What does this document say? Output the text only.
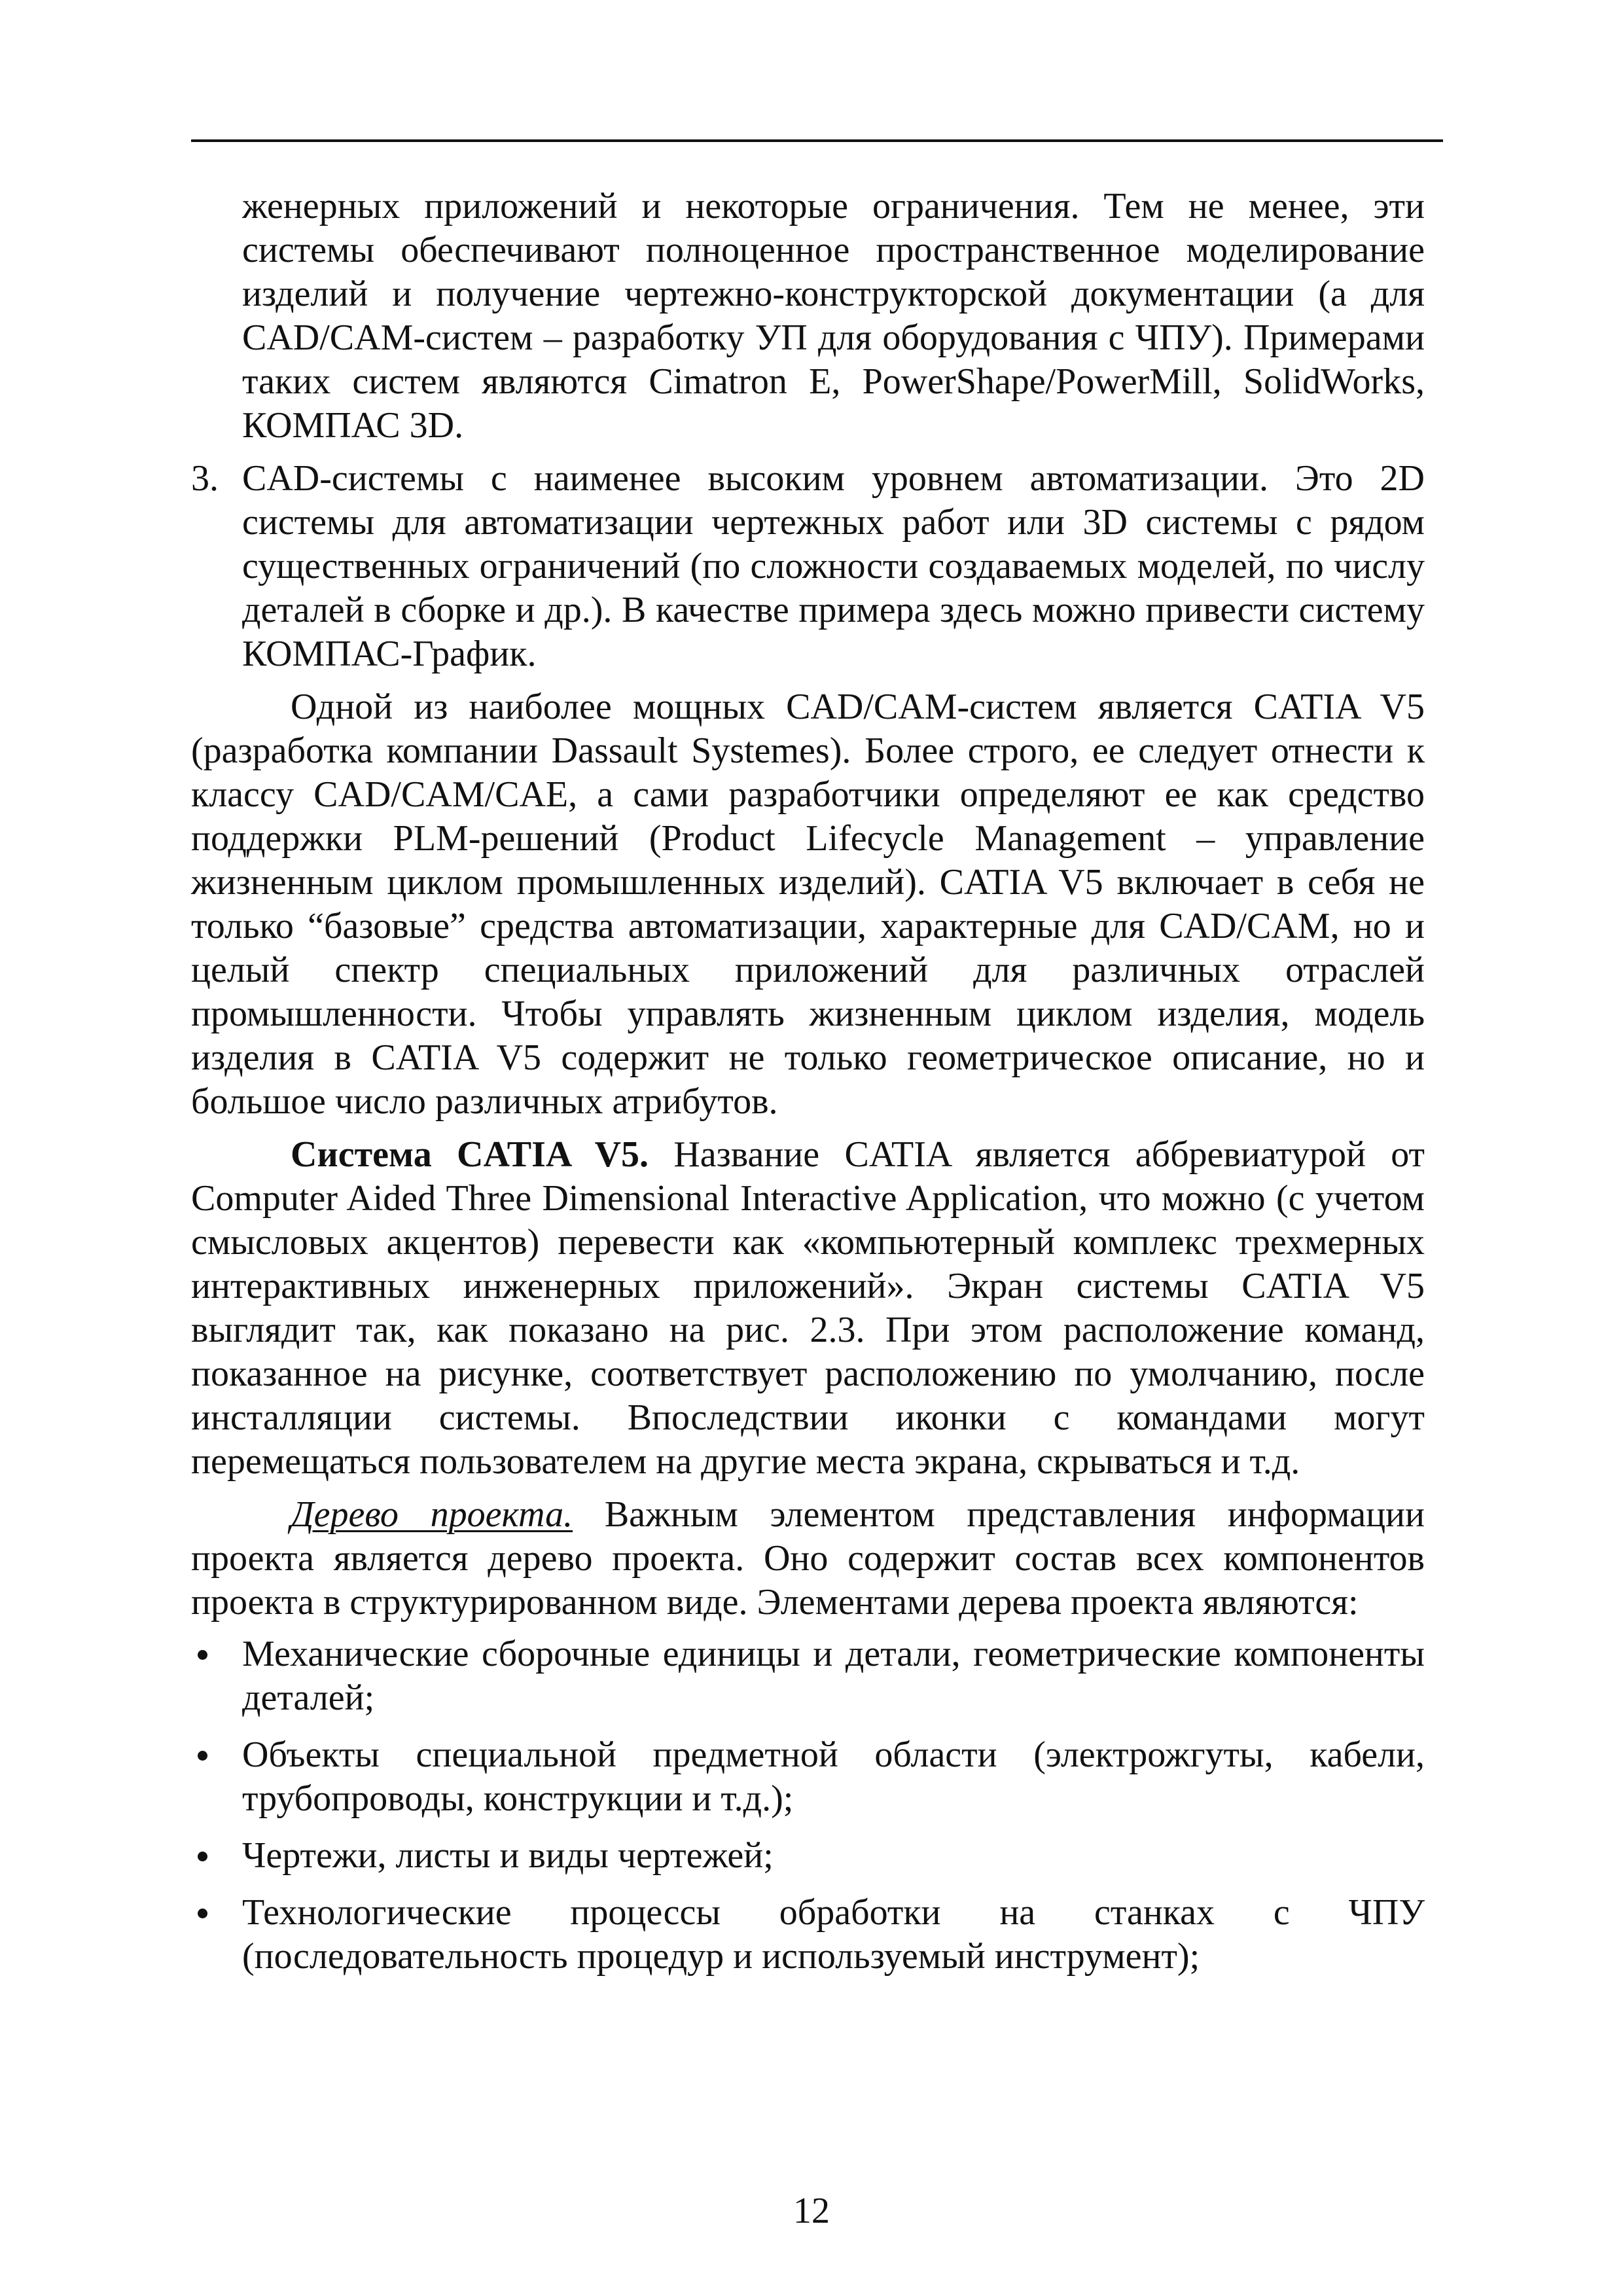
женерных приложений и некоторые ограничения. Тем не менее, эти системы обеспечивают полноценное пространственное моделирование изделий и получение чертежно-конструкторской документации (а для CAD/CAM-систем – разработку УП для оборудования с ЧПУ). Примерами таких систем являются Cimatron E, PowerShape/PowerMill, SolidWorks, КОМПАС 3D.

3. CAD-системы с наименее высоким уровнем автоматизации. Это 2D системы для автоматизации чертежных работ или 3D системы с рядом существенных ограничений (по сложности создаваемых моделей, по числу деталей в сборке и др.). В качестве примера здесь можно привести систему КОМПАС-График.

Одной из наиболее мощных CAD/CAM-систем является CATIA V5 (разработка компании Dassault Systemes). Более строго, ее следует отнести к классу CAD/CAM/CAE, а сами разработчики определяют ее как средство поддержки PLM-решений (Product Lifecycle Management – управление жизненным циклом промышленных изделий). CATIA V5 включает в себя не только “базовые” средства автоматизации, характерные для CAD/CAM, но и целый спектр специальных приложений для различных отраслей промышленности. Чтобы управлять жизненным циклом изделия, модель изделия в CATIA V5 содержит не только геометрическое описание, но и большое число различных атрибутов.

Система CATIA V5. Название CATIA является аббревиатурой от Computer Aided Three Dimensional Interactive Application, что можно (с учетом смысловых акцентов) перевести как «компьютерный комплекс трехмерных интерактивных инженерных приложений». Экран системы CATIA V5 выглядит так, как показано на рис. 2.3. При этом расположение команд, показанное на рисунке, соответствует расположению по умолчанию, после инсталляции системы. Впоследствии иконки с командами могут перемещаться пользователем на другие места экрана, скрываться и т.д.

Дерево проекта. Важным элементом представления информации проекта является дерево проекта. Оно содержит состав всех компонентов проекта в структурированном виде. Элементами дерева проекта являются:

Механические сборочные единицы и детали, геометрические компоненты деталей;
Объекты специальной предметной области (электрожгуты, кабели, трубопроводы, конструкции и т.д.);
Чертежи, листы и виды чертежей;
Технологические процессы обработки на станках с ЧПУ (последовательность процедур и используемый инструмент);
12
